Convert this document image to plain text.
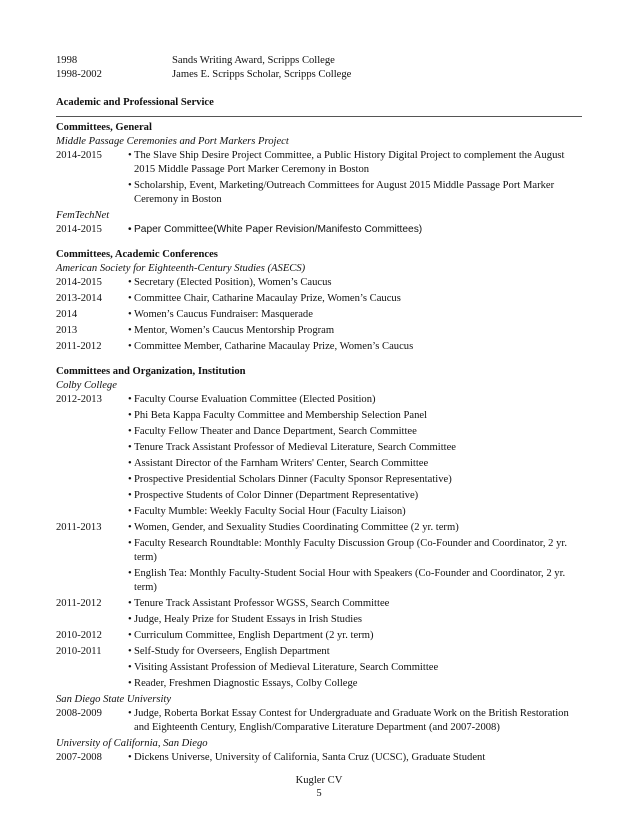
1998	Sands Writing Award, Scripps College
1998-2002	James E. Scripps Scholar, Scripps College
Academic and Professional Service
Committees, General
Middle Passage Ceremonies and Port Markers Project
2014-2015	• The Slave Ship Desire Project Committee, a Public History Digital Project to complement the August 2015 Middle Passage Port Marker Ceremony in Boston
• Scholarship, Event, Marketing/Outreach Committees for August 2015 Middle Passage Port Marker Ceremony in Boston
FemTechNet
2014-2015	• Paper Committee(White Paper Revision/Manifesto Committees)
Committees, Academic Conferences
American Society for Eighteenth-Century Studies (ASECS)
2014-2015	• Secretary (Elected Position), Women’s Caucus
2013-2014	• Committee Chair, Catharine Macaulay Prize, Women’s Caucus
2014	• Women’s Caucus Fundraiser: Masquerade
2013	• Mentor, Women’s Caucus Mentorship Program
2011-2012	• Committee Member, Catharine Macaulay Prize, Women’s Caucus
Committees and Organization, Institution
Colby College
2012-2013	• Faculty Course Evaluation Committee (Elected Position)
• Phi Beta Kappa Faculty Committee and Membership Selection Panel
• Faculty Fellow Theater and Dance Department, Search Committee
• Tenure Track Assistant Professor of Medieval Literature, Search Committee
• Assistant Director of the Farnham Writers' Center, Search Committee
• Prospective Presidential Scholars Dinner (Faculty Sponsor Representative)
• Prospective Students of Color Dinner (Department Representative)
• Faculty Mumble: Weekly Faculty Social Hour (Faculty Liaison)
2011-2013	• Women, Gender, and Sexuality Studies Coordinating Committee (2 yr. term)
• Faculty Research Roundtable: Monthly Faculty Discussion Group (Co-Founder and Coordinator, 2 yr. term)
• English Tea: Monthly Faculty-Student Social Hour with Speakers (Co-Founder and Coordinator, 2 yr. term)
2011-2012	• Tenure Track Assistant Professor WGSS, Search Committee
• Judge, Healy Prize for Student Essays in Irish Studies
2010-2012	• Curriculum Committee, English Department (2 yr. term)
2010-2011	• Self-Study for Overseers, English Department
• Visiting Assistant Profession of Medieval Literature, Search Committee
• Reader, Freshmen Diagnostic Essays, Colby College
San Diego State University
2008-2009	• Judge, Roberta Borkat Essay Contest for Undergraduate and Graduate Work on the British Restoration and Eighteenth Century, English/Comparative Literature Department (and 2007-2008)
University of California, San Diego
2007-2008	• Dickens Universe, University of California, Santa Cruz (UCSC), Graduate Student
Kugler CV
5
